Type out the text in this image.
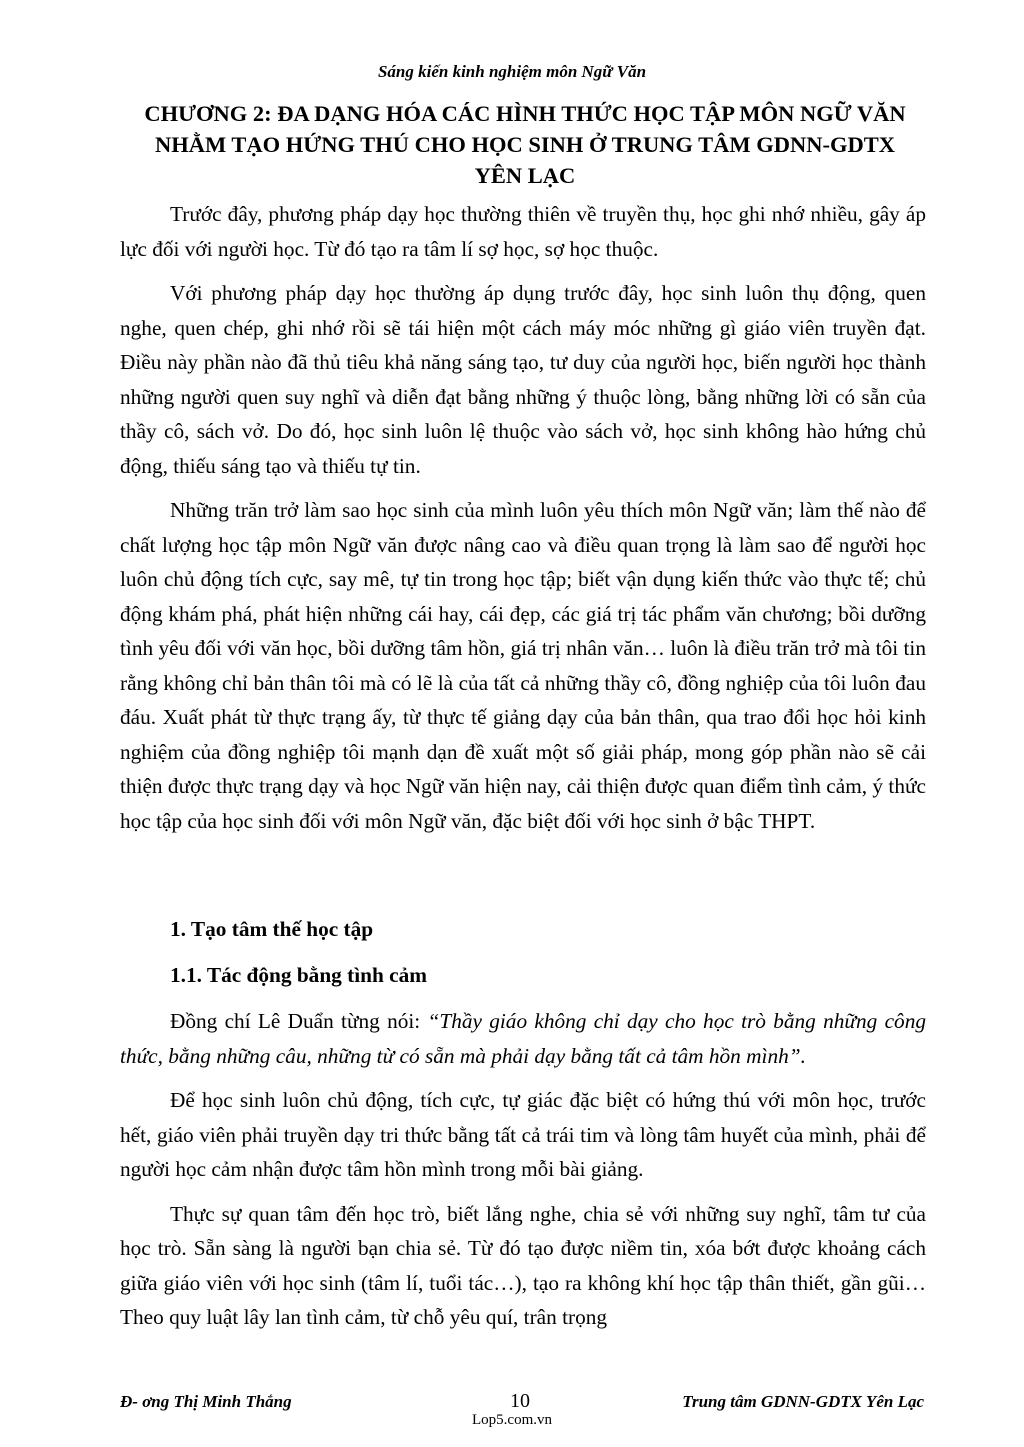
Sáng kiến kinh nghiệm môn Ngữ Văn
CHƯƠNG 2: ĐA DẠNG HÓA CÁC HÌNH THỨC HỌC TẬP MÔN NGỮ VĂN NHẰM TẠO HỨNG THÚ CHO HỌC SINH Ở TRUNG TÂM GDNN-GDTX YÊN LẠC

Trước đây, phương pháp dạy học thường thiên về truyền thụ, học ghi nhớ nhiều, gây áp lực đối với người học. Từ đó tạo ra tâm lí sợ học, sợ học thuộc.

Với phương pháp dạy học thường áp dụng trước đây, học sinh luôn thụ động, quen nghe, quen chép, ghi nhớ rồi sẽ tái hiện một cách máy móc những gì giáo viên truyền đạt. Điều này phần nào đã thủ tiêu khả năng sáng tạo, tư duy của người học, biến người học thành những người quen suy nghĩ và diễn đạt bằng những ý thuộc lòng, bằng những lời có sẵn của thầy cô, sách vở. Do đó, học sinh luôn lệ thuộc vào sách vở, học sinh không hào hứng chủ động, thiếu sáng tạo và thiếu tự tin.

Những trăn trở làm sao học sinh của mình luôn yêu thích môn Ngữ văn; làm thế nào để chất lượng học tập môn Ngữ văn được nâng cao và điều quan trọng là làm sao để người học luôn chủ động tích cực, say mê, tự tin trong học tập; biết vận dụng kiến thức vào thực tế; chủ động khám phá, phát hiện những cái hay, cái đẹp, các giá trị tác phẩm văn chương; bồi dưỡng tình yêu đối với văn học, bồi dưỡng tâm hồn, giá trị nhân văn… luôn là điều trăn trở mà tôi tin rằng không chỉ bản thân tôi mà có lẽ là của tất cả những thầy cô, đồng nghiệp của tôi luôn đau đáu. Xuất phát từ thực trạng ấy, từ thực tế giảng dạy của bản thân, qua trao đổi học hỏi kinh nghiệm của đồng nghiệp tôi mạnh dạn đề xuất một số giải pháp, mong góp phần nào sẽ cải thiện được thực trạng dạy và học Ngữ văn hiện nay, cải thiện được quan điểm tình cảm, ý thức học tập của học sinh đối với môn Ngữ văn, đặc biệt đối với học sinh ở bậc THPT.

1. Tạo tâm thế học tập

1.1. Tác động bằng tình cảm

Đồng chí Lê Duẩn từng nói: “Thầy giáo không chỉ dạy cho học trò bằng những công thức, bằng những câu, những từ có sẵn mà phải dạy bằng tất cả tâm hồn mình”.

Để học sinh luôn chủ động, tích cực, tự giác đặc biệt có hứng thú với môn học, trước hết, giáo viên phải truyền dạy tri thức bằng tất cả trái tim và lòng tâm huyết của mình, phải để người học cảm nhận được tâm hồn mình trong mỗi bài giảng.

Thực sự quan tâm đến học trò, biết lắng nghe, chia sẻ với những suy nghĩ, tâm tư của học trò. Sẵn sàng là người bạn chia sẻ. Từ đó tạo được niềm tin, xóa bớt được khoảng cách giữa giáo viên với học sinh (tâm lí, tuổi tác…), tạo ra không khí học tập thân thiết, gần gũi… Theo quy luật lây lan tình cảm, từ chỗ yêu quí, trân trọng

Đ- ơng Thị Minh Thắng	10	Trung tâm GDNN-GDTX Yên Lạc
Lop5.com.vn
